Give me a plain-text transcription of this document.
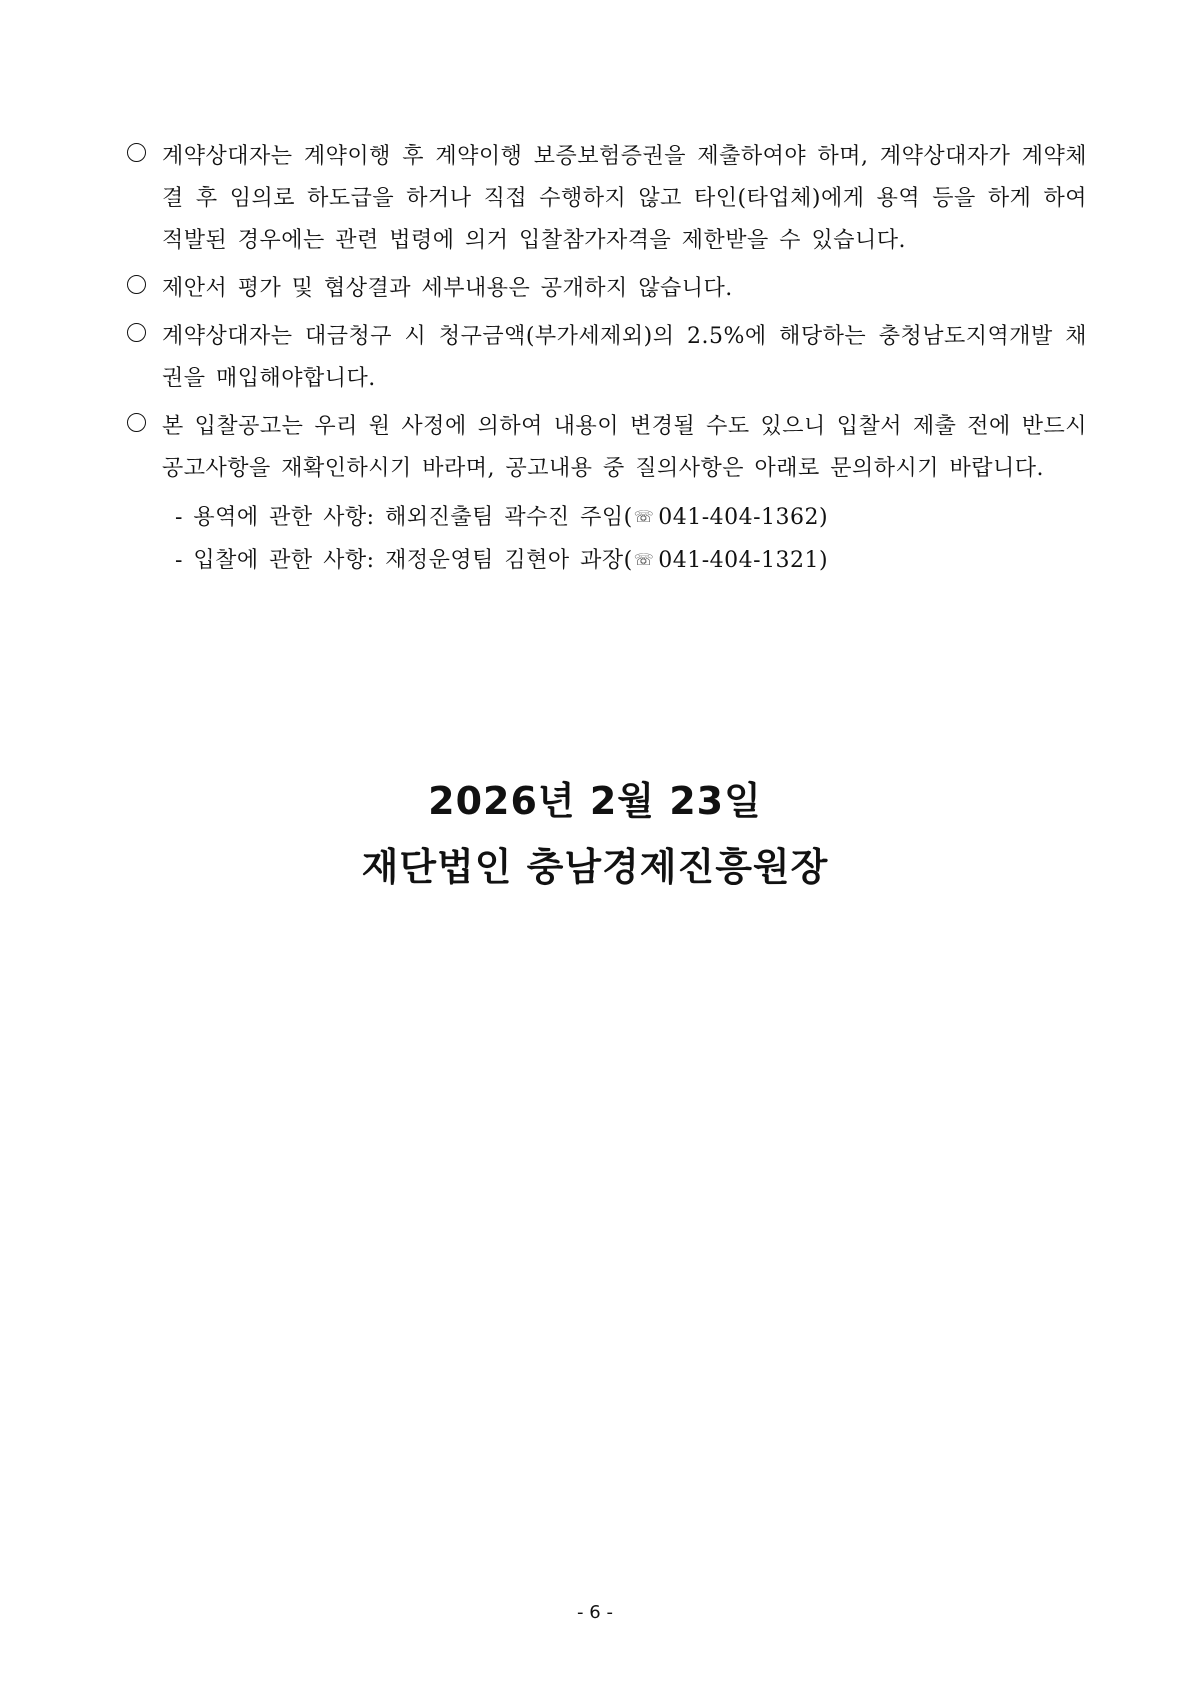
계약상대자는 계약이행 후 계약이행 보증보험증권을 제출하여야 하며, 계약상대자가 계약체결 후 임의로 하도급을 하거나 직접 수행하지 않고 타인(타업체)에게 용역 등을 하게 하여 적발된 경우에는 관련 법령에 의거 입찰참가자격을 제한받을 수 있습니다.

제안서 평가 및 협상결과 세부내용은 공개하지 않습니다.

계약상대자는 대금청구 시 청구금액(부가세제외)의 2.5%에 해당하는 충청남도지역개발 채권을 매입해야합니다.

본 입찰공고는 우리 원 사정에 의하여 내용이 변경될 수도 있으니 입찰서 제출 전에 반드시 공고사항을 재확인하시기 바라며, 공고내용 중 질의사항은 아래로 문의하시기 바랍니다.

- 용역에 관한 사항: 해외진출팀 곽수진 주임(☏ 041-404-1362)
- 입찰에 관한 사항: 재정운영팀 김현아 과장(☏ 041-404-1321)
2026년 2월 23일
재단법인 충남경제진흥원장
- 6 -
